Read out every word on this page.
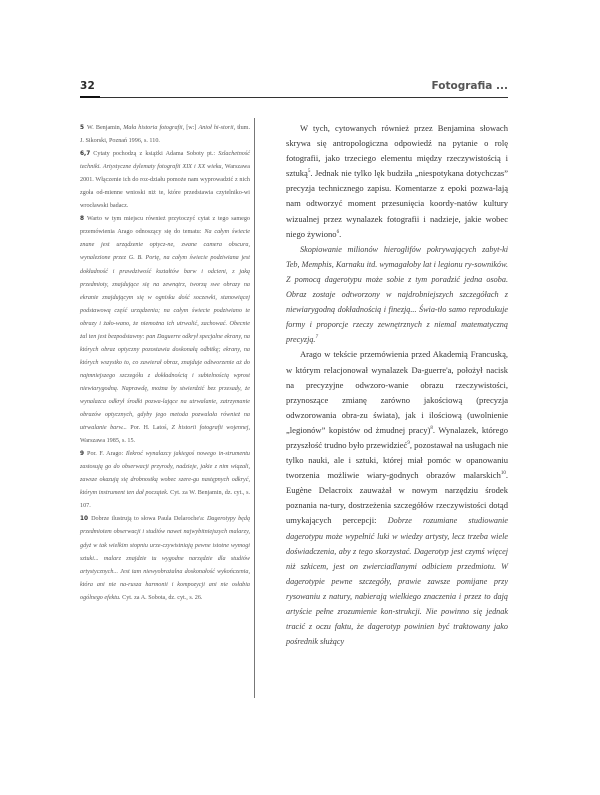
32	Fotografia ...

5 W. Benjamin, Mała historia fotografii, [w:] Anioł hi-storii, tłum. J. Sikorski, Poznań 1996, s. 110.

6,7 Cytaty pochodzą z książki Adama Soboty pt.: Szlachetność techniki. Artystyczne dylematy fotografii XIX i XX wieku, Warszawa 2001. Włączenie ich do roz-działu pomoże nam wyprowadzić z nich zgoła od-mienne wnioski niż te, które przedstawia czytelniko-wi wrocławski badacz.

8 Warto w tym miejscu również przytoczyć cytat z tego samego przemówienia Arago odnoszący się do tematu: Na całym świecie znane jest urządzenie optycz-ne, zwane camera obscura, wynalezione przez G. B. Portę, na całym świecie podziwiana jest dokładność i prawdziwość kształtów barw i odcieni, z jaką przedmioty, znajdujące się na zewnątrz, tworzą swe obrazy na ekranie znajdującym się w ognisku dość soczewki, stanowiącej podstawową część urządzenia; na całym świecie podziwiano te obrazy i żało-wano, że niemożna ich utrwalić, zachować. Obecnie żal ten jest bezpodstawny: pan Daguerre odkrył specjalne ekrany, na których obraz optyczny pozostawia doskonałą odbitkę; ekrany, na których wszystko to, co zawierał obraz, znajduje odtworzenie aż do najmniejszego szczegółu z dokładnością i subtelnością wprost niewiarygodną. Naprawdę, można by stwierdzić bez przesady, że wynalazca odkrył środki pozwa-lające na utrwalanie, zatrzymanie obrazów optycznych, gdyby jego metoda pozwalała również na utrwalanie barw... Por. H. Latoś, Z historii fotografii wojennej, Warszawa 1985, s. 15.

9 Por. F. Arago: Ilekroć wynalazcy jakiegoś nowego in-strumentu zastosują go do obserwacji przyrody, nadzieje, jakie z nim wiązali, zawsze okazują się drobnostką wobec szere-gu następnych odkryć, którym instrument ten dał początek. Cyt. za W. Benjamin, dz. cyt., s. 107.

10 Dobrze ilustrują to słowa Paula Delaroche'a: Dagerotypy będą przedmiotem obserwacji i studiów nawet najwybitniejszych malarzy, gdyż w tak wielkim stopniu urze-czywistniają pewne istotne wymogi sztuki... malarz znajdzie tu wygodne narzędzie dla studiów artystycznych... Jest tam niewyobrażalna doskonałość wykończenia, która ani nie na-rusza harmonii i kompozycji ani nie osłabia ogólnego efektu. Cyt. za A. Sobota, dz. cyt., s. 26.

W tych, cytowanych również przez Benjamina słowach skrywa się antropologiczna odpowiedź na pytanie o rolę fotografii, jako trzeciego elementu między rzeczywistością i sztuką$^5$. Jednak nie tylko lęk budziła „niespotykana dotychczas” precyzja technicznego zapisu. Komentarze z epoki pozwa-lają nam odtworzyć moment przesunięcia koordy-natów kultury wizualnej przez wynalazek fotografii i nadzieje, jakie wobec niego żywiono$^6$.

Skopiowanie milionów hieroglifów pokrywających zabyt-ki Teb, Memphis, Karnaku itd. wymagałoby lat i legionu ry-sowników. Z pomocą dagerotypu może sobie z tym poradzić jedna osoba. Obraz zostaje odtworzony w najdrobniejszych szczegółach z niewiarygodną dokładnością i finezją... Świa-tło samo reprodukuje formy i proporcje rzeczy zewnętrznych z niemal matematyczną precyzją.$^7$

Arago w tekście przemówienia przed Akademią Francuską, w którym relacjonował wynalazek Da-guerre'a, położył nacisk na precyzyjne odwzoro-wanie obrazu rzeczywistości, przynoszące zmianę zarówno jakościową (precyzja odwzorowania obra-zu świata), jak i ilościową (uwolnienie „legionów” kopistów od żmudnej pracy)$^8$. Wynalazek, którego przyszłość trudno było przewidzieć$^9$, pozostawał na usługach nie tylko nauki, ale i sztuki, której miał pomóc w opanowaniu tworzenia możliwie wiary-godnych obrazów malarskich$^{10}$. Eugène Delacroix zauważał w nowym narzędziu środek poznania na-tury, dostrzeżenia szczegółów rzeczywistości dotąd umykających percepcji: Dobrze rozumiane studiowanie dagerotypu może wypełnić luki w wiedzy artysty, lecz trzeba wiele doświadczenia, aby z tego skorzystać. Dagerotyp jest czymś więcej niż szkicem, jest on zwierciadlanymi odbiciem przedmiotu. W dagerotypie pewne szczegóły, prawie zawsze pomijane przy rysowaniu z natury, nabierają wielkiego znaczenia i przez to dają artyście pełne zrozumienie kon-strukcji. Nie powinno się jednak tracić z oczu faktu, że dagerotyp powinien być traktowany jako pośrednik służący
